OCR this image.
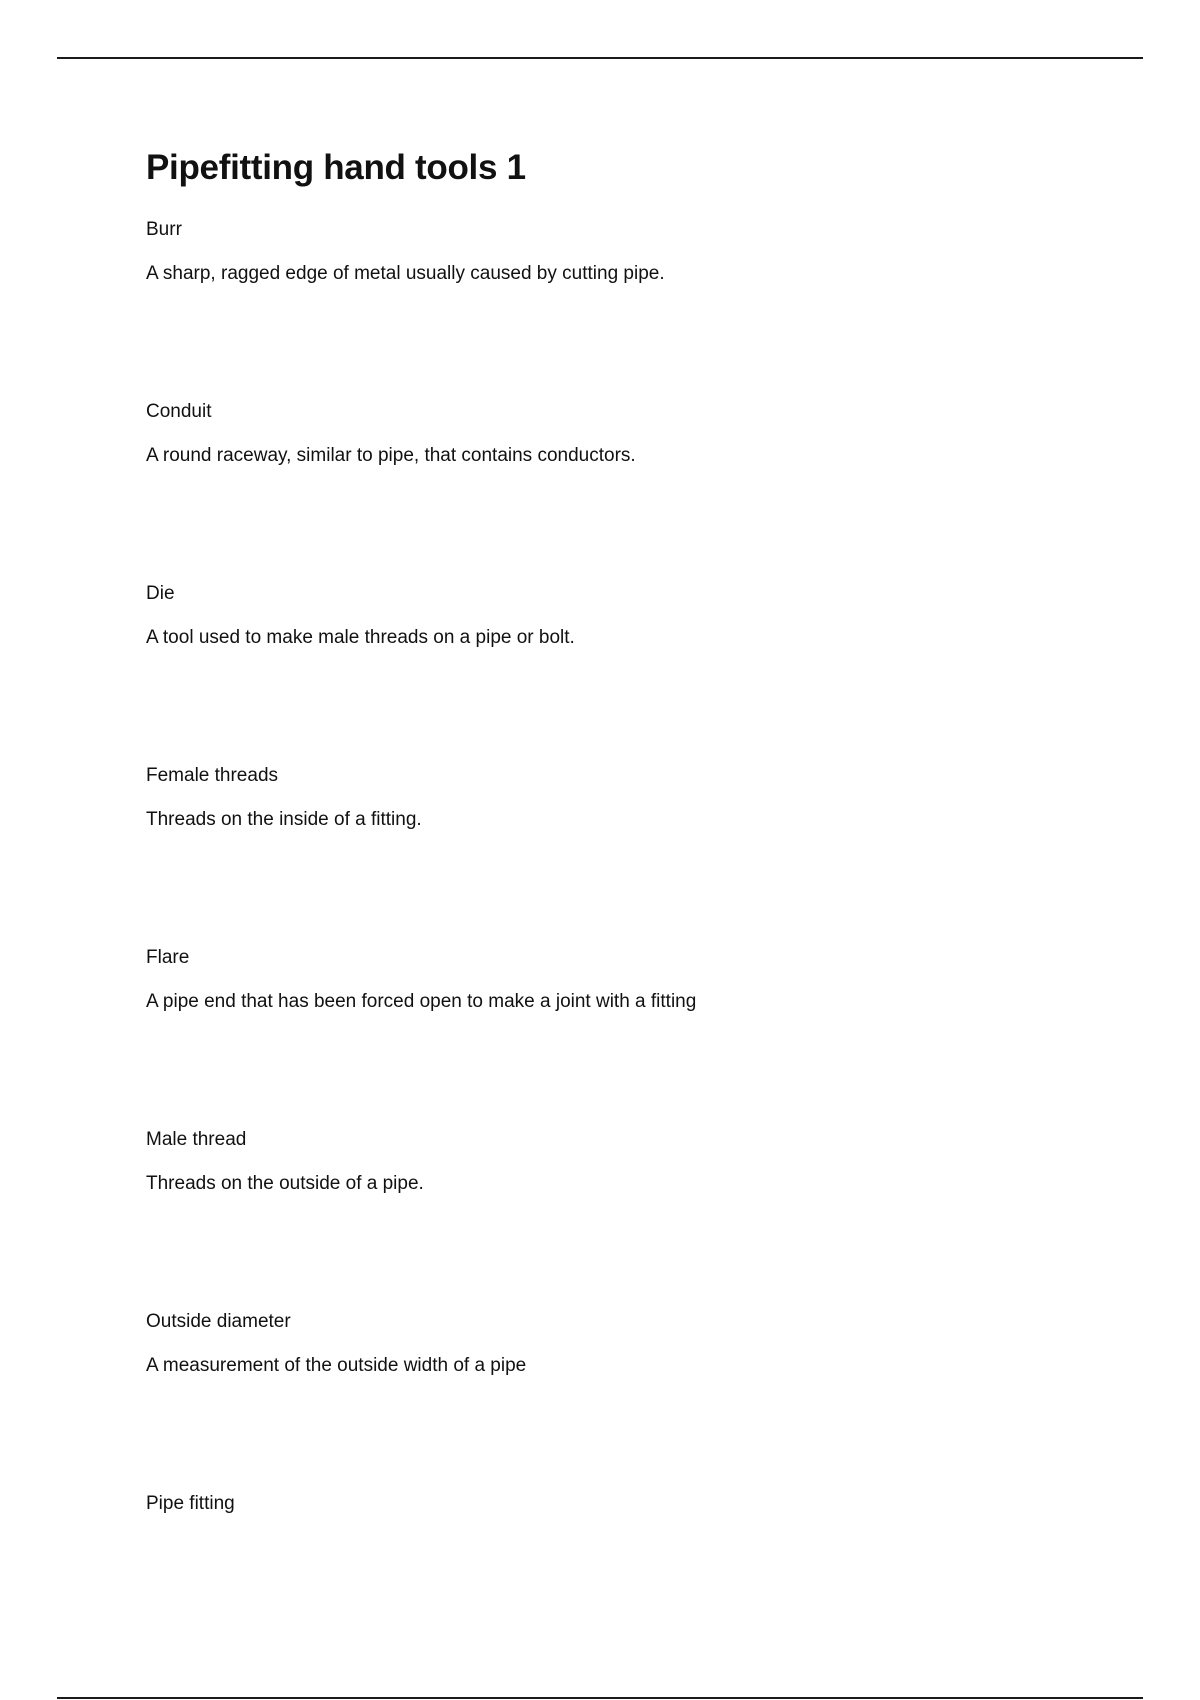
Pipefitting hand tools 1
Burr
A sharp, ragged edge of metal usually caused by cutting pipe.
Conduit
A round raceway, similar to pipe, that contains conductors.
Die
A tool used to make male threads on a pipe or bolt.
Female threads
Threads on the inside of a fitting.
Flare
A pipe end that has been forced open to make a joint with a fitting
Male thread
Threads on the outside of a pipe.
Outside diameter
A measurement of the outside width of a pipe
Pipe fitting
